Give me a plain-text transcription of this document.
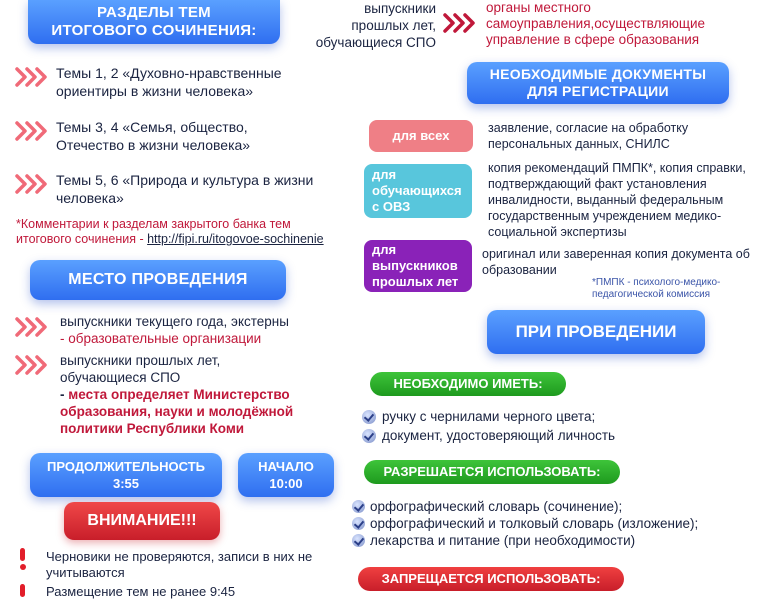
РАЗДЕЛЫ ТЕМ
ИТОГОВОГО СОЧИНЕНИЯ:
Темы 1, 2 «Духовно-нравственные ориентиры в жизни человека»
Темы 3, 4 «Семья, общество, Отечество в жизни человека»
Темы 5, 6 «Природа и культура в жизни человека»
*Комментарии к разделам закрытого банка тем итогового сочинения - http://fipi.ru/itogovoe-sochinenie
МЕСТО ПРОВЕДЕНИЯ
выпускники текущего года, экстерны
- образовательные организации
выпускники прошлых лет, обучающиеся СПО
- места определяет Министерство образования, науки и молодёжной политики Республики Коми
ПРОДОЛЖИТЕЛЬНОСТЬ
3:55
НАЧАЛО
10:00
ВНИМАНИЕ!!!
Черновики не проверяются, записи в них не учитываются
Размещение тем не ранее 9:45
выпускники
прошлых лет,
обучающиеся СПО
органы местного
самоуправления,осуществляющие
управление в сфере образования
НЕОБХОДИМЫЕ ДОКУМЕНТЫ
ДЛЯ РЕГИСТРАЦИИ
для всех	заявление, согласие на обработку персональных данных, СНИЛС
для
обучающихся
с ОВЗ
копия рекомендаций ПМПК*, копия справки, подтверждающий факт установления инвалидности, выданный федеральным государственным учреждением медико-социальной экспертизы
для
выпускников
прошлых лет
оригинал или заверенная копия документа об образовании
*ПМПК - психолого-медико-
педагогической комиссия
ПРИ ПРОВЕДЕНИИ
НЕОБХОДИМО ИМЕТЬ:
ручку с чернилами черного цвета;
документ, удостоверяющий личность
РАЗРЕШАЕТСЯ ИСПОЛЬЗОВАТЬ:
орфографический словарь (сочинение);
орфографический и толковый словарь (изложение);
лекарства и питание (при необходимости)
ЗАПРЕЩАЕТСЯ ИСПОЛЬЗОВАТЬ:
